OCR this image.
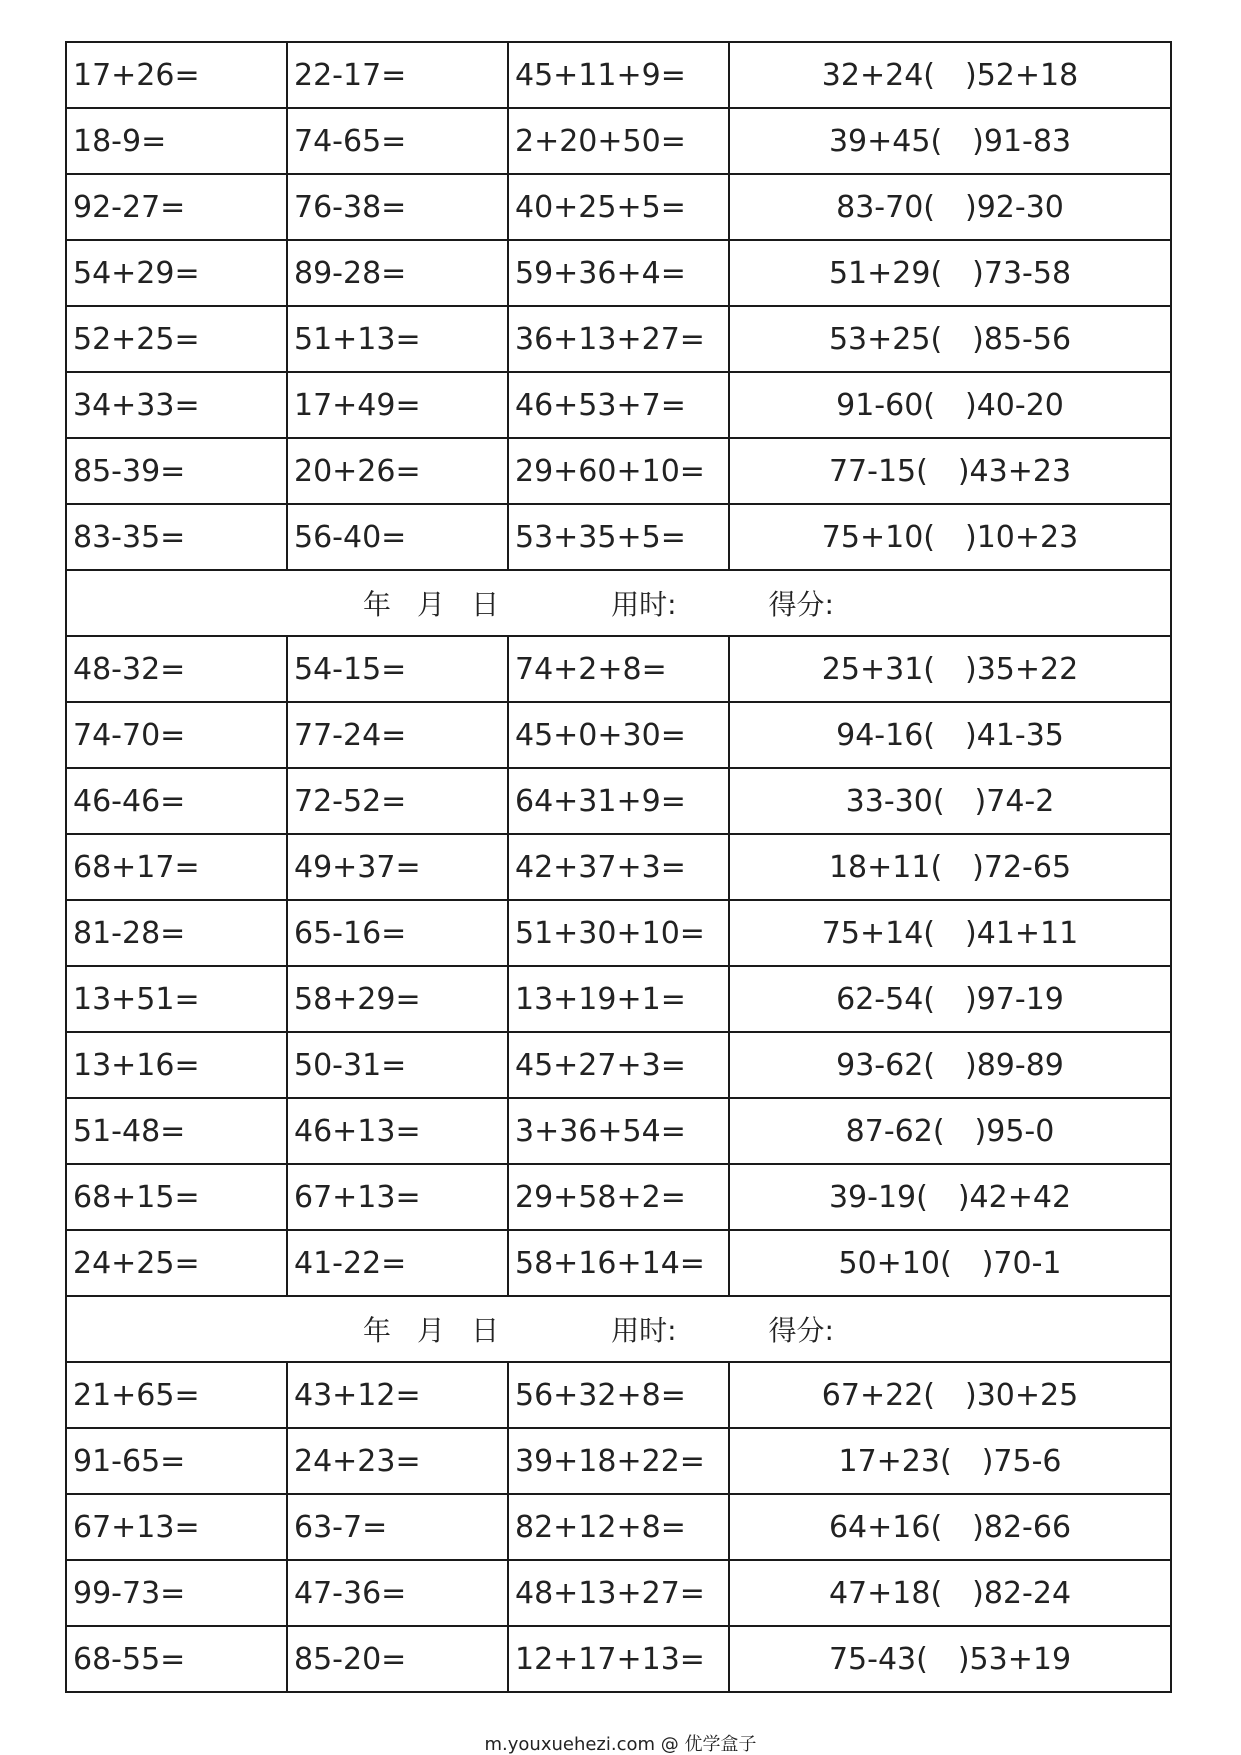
17+26=	22-17=	45+11+9=	32+24( )52+18
18-9=	74-65=	2+20+50=	39+45( )91-83
92-27=	76-38=	40+25+5=	83-70( )92-30
54+29=	89-28=	59+36+4=	51+29( )73-58
52+25=	51+13=	36+13+27=	53+25( )85-56
34+33=	17+49=	46+53+7=	91-60( )40-20
85-39=	20+26=	29+60+10=	77-15( )43+23
83-35=	56-40=	53+35+5=	75+10( )10+23
年 月 日 用时: 得分:			
48-32=	54-15=	74+2+8=	25+31( )35+22
74-70=	77-24=	45+0+30=	94-16( )41-35
46-46=	72-52=	64+31+9=	33-30( )74-2
68+17=	49+37=	42+37+3=	18+11( )72-65
81-28=	65-16=	51+30+10=	75+14( )41+11
13+51=	58+29=	13+19+1=	62-54( )97-19
13+16=	50-31=	45+27+3=	93-62( )89-89
51-48=	46+13=	3+36+54=	87-62( )95-0
68+15=	67+13=	29+58+2=	39-19( )42+42
24+25=	41-22=	58+16+14=	50+10( )70-1
年 月 日 用时: 得分:			
21+65=	43+12=	56+32+8=	67+22( )30+25
91-65=	24+23=	39+18+22=	17+23( )75-6
67+13=	63-7=	82+12+8=	64+16( )82-66
99-73=	47-36=	48+13+27=	47+18( )82-24
68-55=	85-20=	12+17+13=	75-43( )53+19
m.youxuehezi.com @ 优学盒子
